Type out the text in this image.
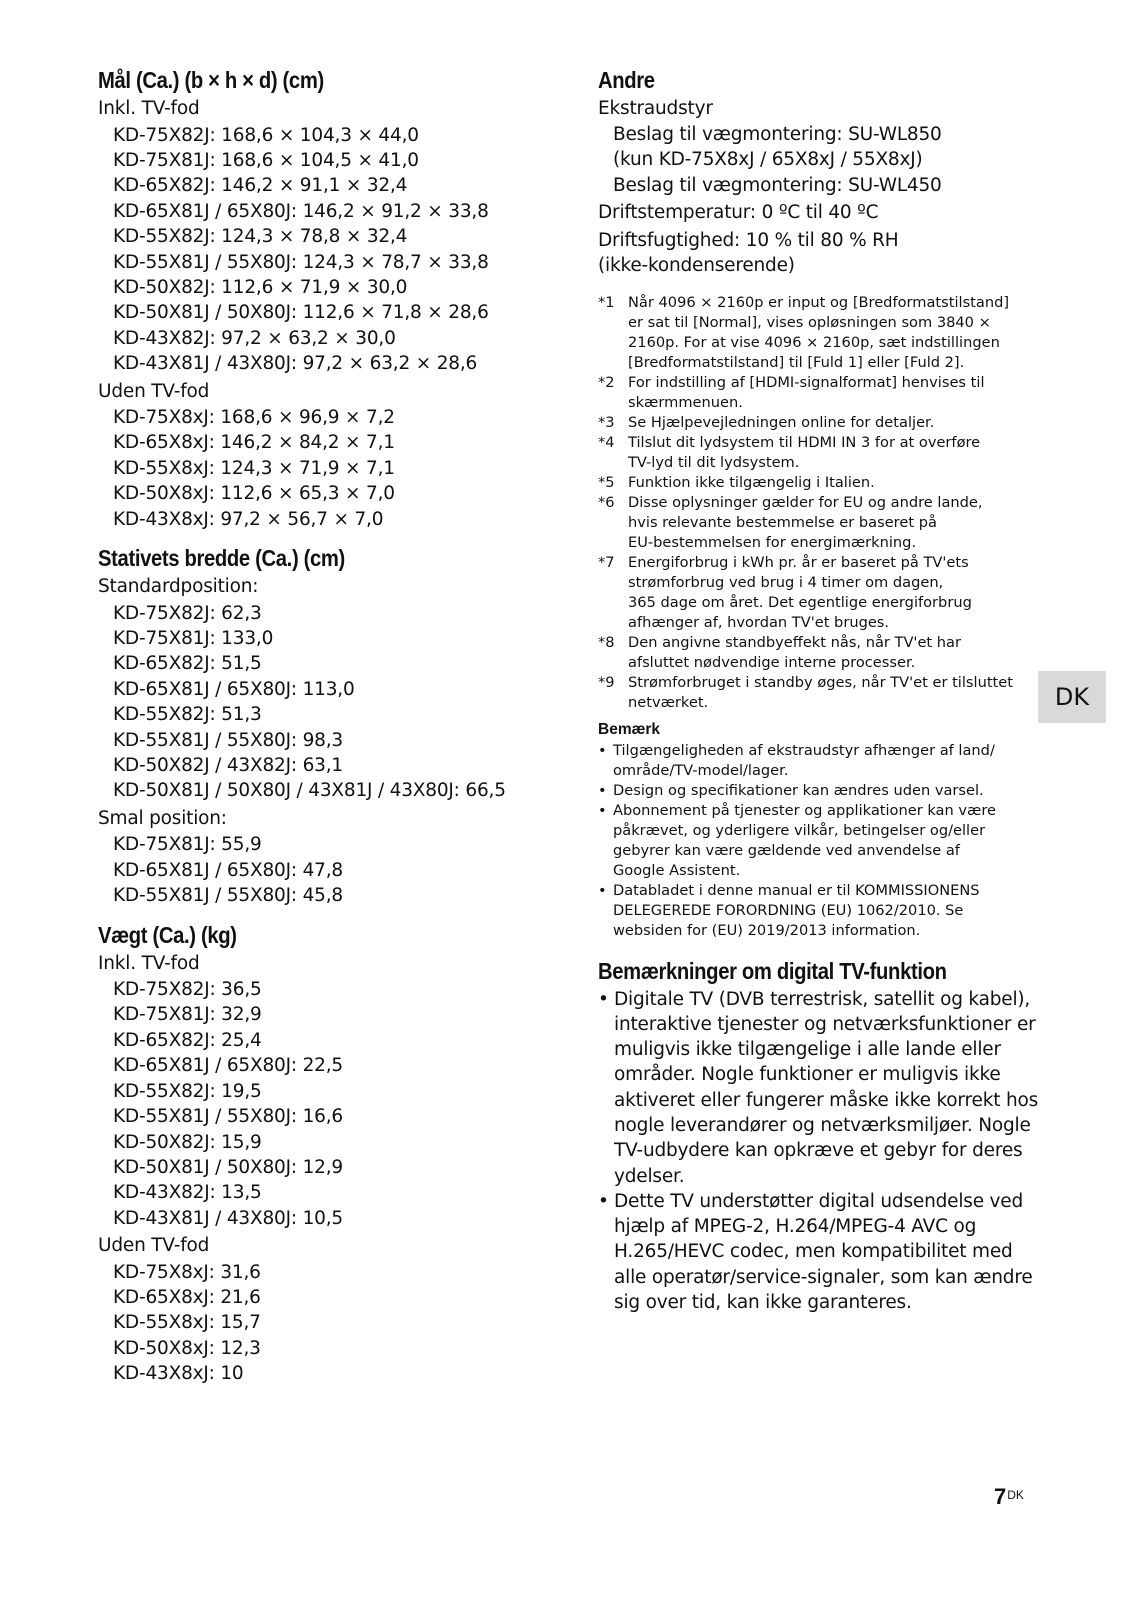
Mål (Ca.) (b × h × d) (cm)
Inkl. TV-fod
KD-75X82J: 168,6 × 104,3 × 44,0
KD-75X81J: 168,6 × 104,5 × 41,0
KD-65X82J: 146,2 × 91,1 × 32,4
KD-65X81J / 65X80J: 146,2 × 91,2 × 33,8
KD-55X82J: 124,3 × 78,8 × 32,4
KD-55X81J / 55X80J: 124,3 × 78,7 × 33,8
KD-50X82J: 112,6 × 71,9 × 30,0
KD-50X81J / 50X80J: 112,6 × 71,8 × 28,6
KD-43X82J: 97,2 × 63,2 × 30,0
KD-43X81J / 43X80J: 97,2 × 63,2 × 28,6
Uden TV-fod
KD-75X8xJ: 168,6 × 96,9 × 7,2
KD-65X8xJ: 146,2 × 84,2 × 7,1
KD-55X8xJ: 124,3 × 71,9 × 7,1
KD-50X8xJ: 112,6 × 65,3 × 7,0
KD-43X8xJ: 97,2 × 56,7 × 7,0
Stativets bredde (Ca.) (cm)
Standardposition:
KD-75X82J: 62,3
KD-75X81J: 133,0
KD-65X82J: 51,5
KD-65X81J / 65X80J: 113,0
KD-55X82J: 51,3
KD-55X81J / 55X80J: 98,3
KD-50X82J / 43X82J: 63,1
KD-50X81J / 50X80J / 43X81J / 43X80J: 66,5
Smal position:
KD-75X81J: 55,9
KD-65X81J / 65X80J: 47,8
KD-55X81J / 55X80J: 45,8
Vægt (Ca.) (kg)
Inkl. TV-fod
KD-75X82J: 36,5
KD-75X81J: 32,9
KD-65X82J: 25,4
KD-65X81J / 65X80J: 22,5
KD-55X82J: 19,5
KD-55X81J / 55X80J: 16,6
KD-50X82J: 15,9
KD-50X81J / 50X80J: 12,9
KD-43X82J: 13,5
KD-43X81J / 43X80J: 10,5
Uden TV-fod
KD-75X8xJ: 31,6
KD-65X8xJ: 21,6
KD-55X8xJ: 15,7
KD-50X8xJ: 12,3
KD-43X8xJ: 10
Andre
Ekstraudstyr
Beslag til vægmontering: SU-WL850
(kun KD-75X8xJ / 65X8xJ / 55X8xJ)
Beslag til vægmontering: SU-WL450
Driftstemperatur: 0 ºC til 40 ºC
Driftsfugtighed: 10 % til 80 % RH
(ikke-kondenserende)
*1 Når 4096 × 2160p er input og [Bredformatstilstand]
er sat til [Normal], vises opløsningen som 3840 ×
2160p. For at vise 4096 × 2160p, sæt indstillingen
[Bredformatstilstand] til [Fuld 1] eller [Fuld 2].
*2 For indstilling af [HDMI-signalformat] henvises til
skærmmenuen.
*3 Se Hjælpevejledningen online for detaljer.
*4 Tilslut dit lydsystem til HDMI IN 3 for at overføre
TV-lyd til dit lydsystem.
*5 Funktion ikke tilgængelig i Italien.
*6 Disse oplysninger gælder for EU og andre lande,
hvis relevante bestemmelse er baseret på
EU-bestemmelsen for energimærkning.
*7 Energiforbrug i kWh pr. år er baseret på TV'ets
strømforbrug ved brug i 4 timer om dagen,
365 dage om året. Det egentlige energiforbrug
afhænger af, hvordan TV'et bruges.
*8 Den angivne standbyeffekt nås, når TV'et har
afsluttet nødvendige interne processer.
*9 Strømforbruget i standby øges, når TV'et er tilsluttet
netværket.
Bemærk
• Tilgængeligheden af ekstraudstyr afhænger af land/
område/TV-model/lager.
• Design og specifikationer kan ændres uden varsel.
• Abonnement på tjenester og applikationer kan være
påkrævet, og yderligere vilkår, betingelser og/eller
gebyrer kan være gældende ved anvendelse af
Google Assistent.
• Databladet i denne manual er til KOMMISSIONENS
DELEGEREDE FORORDNING (EU) 1062/2010. Se
websiden for (EU) 2019/2013 information.
Bemærkninger om digital TV-funktion
• Digitale TV (DVB terrestrisk, satellit og kabel),
interaktive tjenester og netværksfunktioner er
muligvis ikke tilgængelige i alle lande eller
områder. Nogle funktioner er muligvis ikke
aktiveret eller fungerer måske ikke korrekt hos
nogle leverandører og netværksmiljøer. Nogle
TV-udbydere kan opkræve et gebyr for deres
ydelser.
• Dette TV understøtter digital udsendelse ved
hjælp af MPEG-2, H.264/MPEG-4 AVC og
H.265/HEVC codec, men kompatibilitet med
alle operatør/service-signaler, som kan ændre
sig over tid, kan ikke garanteres.
DK
$7^{DK}$
